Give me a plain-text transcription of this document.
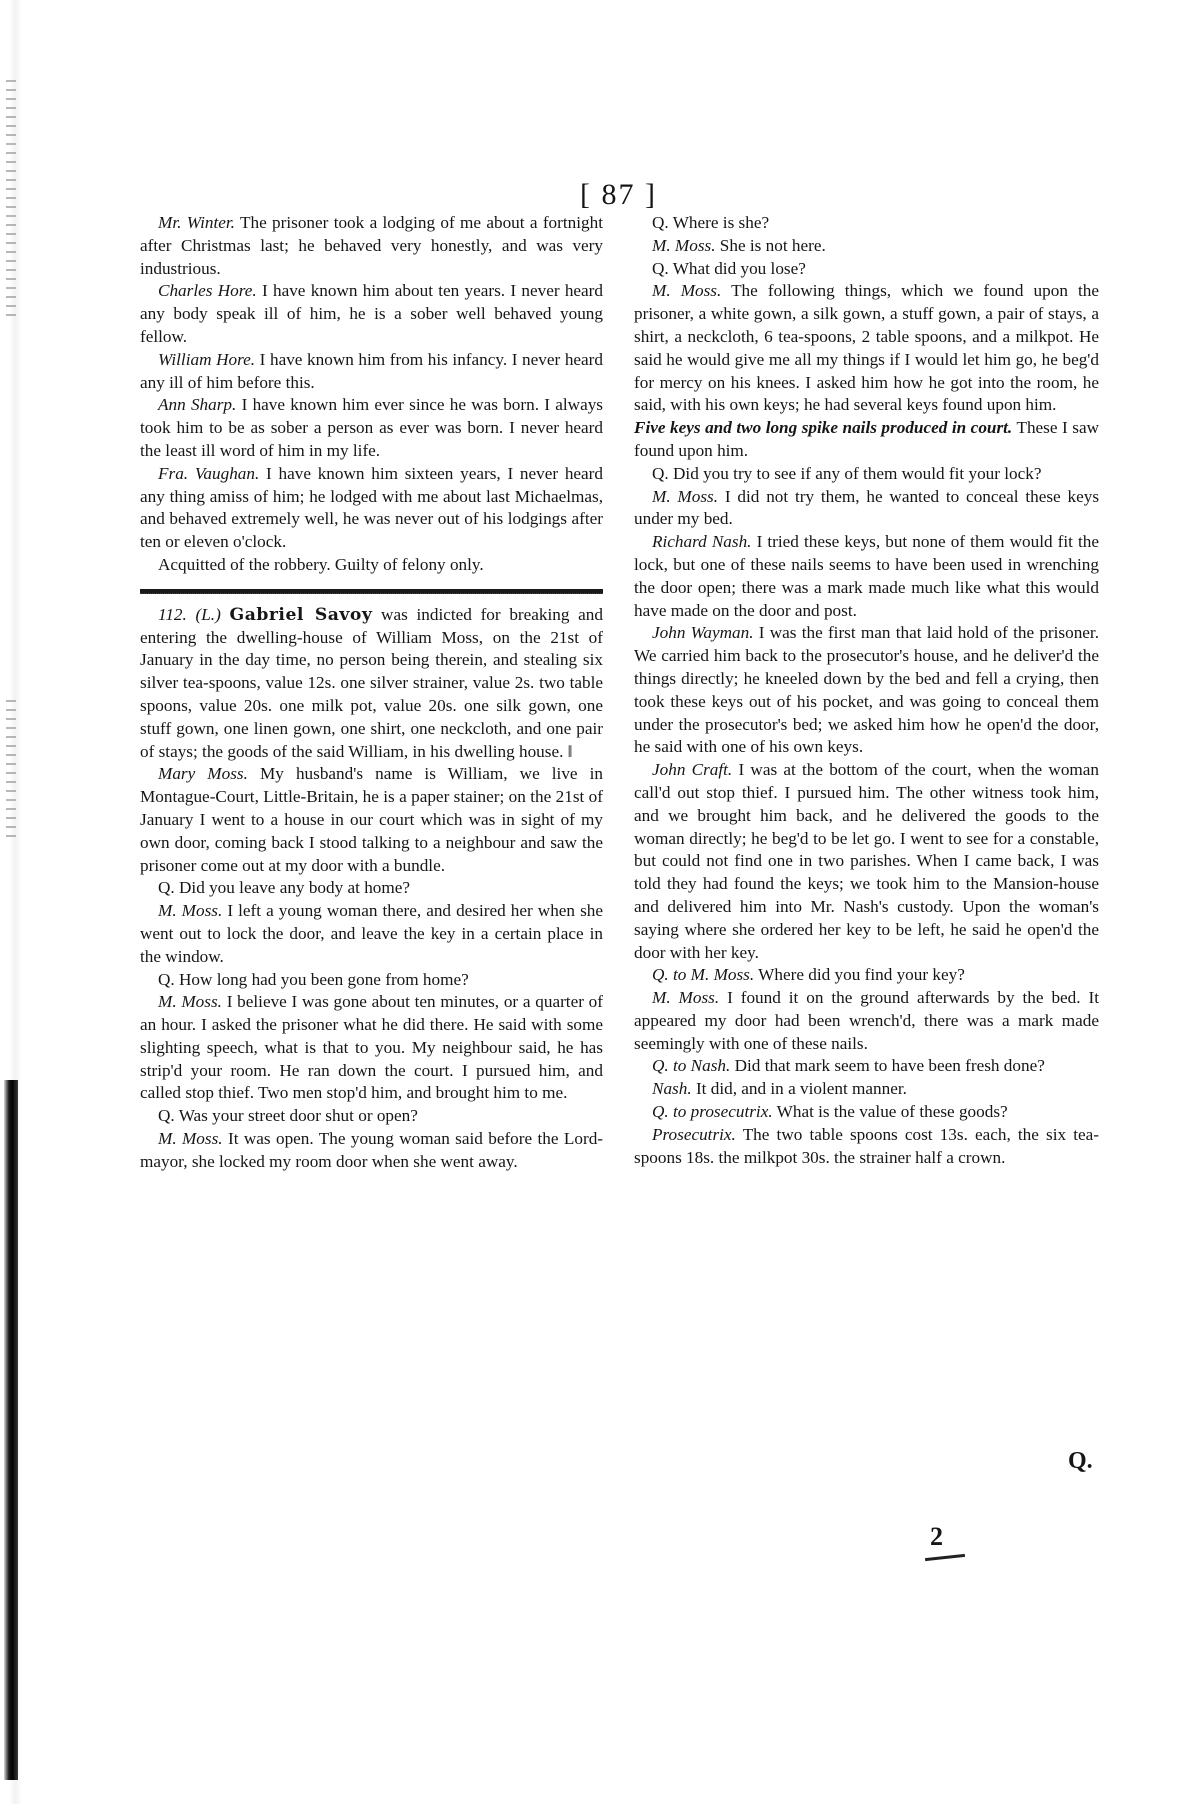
[ 87 ]

Mr. Winter. The prisoner took a lodging of me about a fortnight after Christmas last; he behaved very honestly, and was very industrious.

Charles Hore. I have known him about ten years. I never heard any body speak ill of him, he is a sober well behaved young fellow.

William Hore. I have known him from his infancy. I never heard any ill of him before this.

Ann Sharp. I have known him ever since he was born. I always took him to be as sober a person as ever was born. I never heard the least ill word of him in my life.

Fra. Vaughan. I have known him sixteen years, I never heard any thing amiss of him; he lodged with me about last Michaelmas, and behaved extremely well, he was never out of his lodgings after ten or eleven o'clock.

Acquitted of the robbery. Guilty of felony only.

112. (L.) Gabriel Savoy was indicted for breaking and entering the dwelling-house of William Moss, on the 21st of January in the day time, no person being therein, and stealing six silver tea-spoons, value 12s. one silver strainer, value 2s. two table spoons, value 20s. one milk pot, value 20s. one silk gown, one stuff gown, one linen gown, one shirt, one neckcloth, and one pair of stays; the goods of the said William, in his dwelling house. ‖

Mary Moss. My husband's name is William, we live in Montague-Court, Little-Britain, he is a paper stainer; on the 21st of January I went to a house in our court which was in sight of my own door, coming back I stood talking to a neighbour and saw the prisoner come out at my door with a bundle.

Q. Did you leave any body at home?

M. Moss. I left a young woman there, and desired her when she went out to lock the door, and leave the key in a certain place in the window.

Q. How long had you been gone from home?

M. Moss. I believe I was gone about ten minutes, or a quarter of an hour. I asked the prisoner what he did there. He said with some slighting speech, what is that to you. My neighbour said, he has strip'd your room. He ran down the court. I pursued him, and called stop thief. Two men stop'd him, and brought him to me.

Q. Was your street door shut or open?

M. Moss. It was open. The young woman said before the Lord-mayor, she locked my room door when she went away.

Q. Where is she?

M. Moss. She is not here.

Q. What did you lose?

M. Moss. The following things, which we found upon the prisoner, a white gown, a silk gown, a stuff gown, a pair of stays, a shirt, a neckcloth, 6 tea-spoons, 2 table spoons, and a milkpot. He said he would give me all my things if I would let him go, he beg'd for mercy on his knees. I asked him how he got into the room, he said, with his own keys; he had several keys found upon him.

Five keys and two long spike nails produced in court. These I saw found upon him.

Q. Did you try to see if any of them would fit your lock?

M. Moss. I did not try them, he wanted to conceal these keys under my bed.

Richard Nash. I tried these keys, but none of them would fit the lock, but one of these nails seems to have been used in wrenching the door open; there was a mark made much like what this would have made on the door and post.

John Wayman. I was the first man that laid hold of the prisoner. We carried him back to the prosecutor's house, and he deliver'd the things directly; he kneeled down by the bed and fell a crying, then took these keys out of his pocket, and was going to conceal them under the prosecutor's bed; we asked him how he open'd the door, he said with one of his own keys.

John Craft. I was at the bottom of the court, when the woman call'd out stop thief. I pursued him. The other witness took him, and we brought him back, and he delivered the goods to the woman directly; he beg'd to be let go. I went to see for a constable, but could not find one in two parishes. When I came back, I was told they had found the keys; we took him to the Mansion-house and delivered him into Mr. Nash's custody. Upon the woman's saying where she ordered her key to be left, he said he open'd the door with her key.

Q. to M. Moss. Where did you find your key?

M. Moss. I found it on the ground afterwards by the bed. It appeared my door had been wrench'd, there was a mark made seemingly with one of these nails.

Q. to Nash. Did that mark seem to have been fresh done?

Nash. It did, and in a violent manner.

Q. to prosecutrix. What is the value of these goods?

Prosecutrix. The two table spoons cost 13s. each, the six tea-spoons 18s. the milkpot 30s. the strainer half a crown.

Q.
2
